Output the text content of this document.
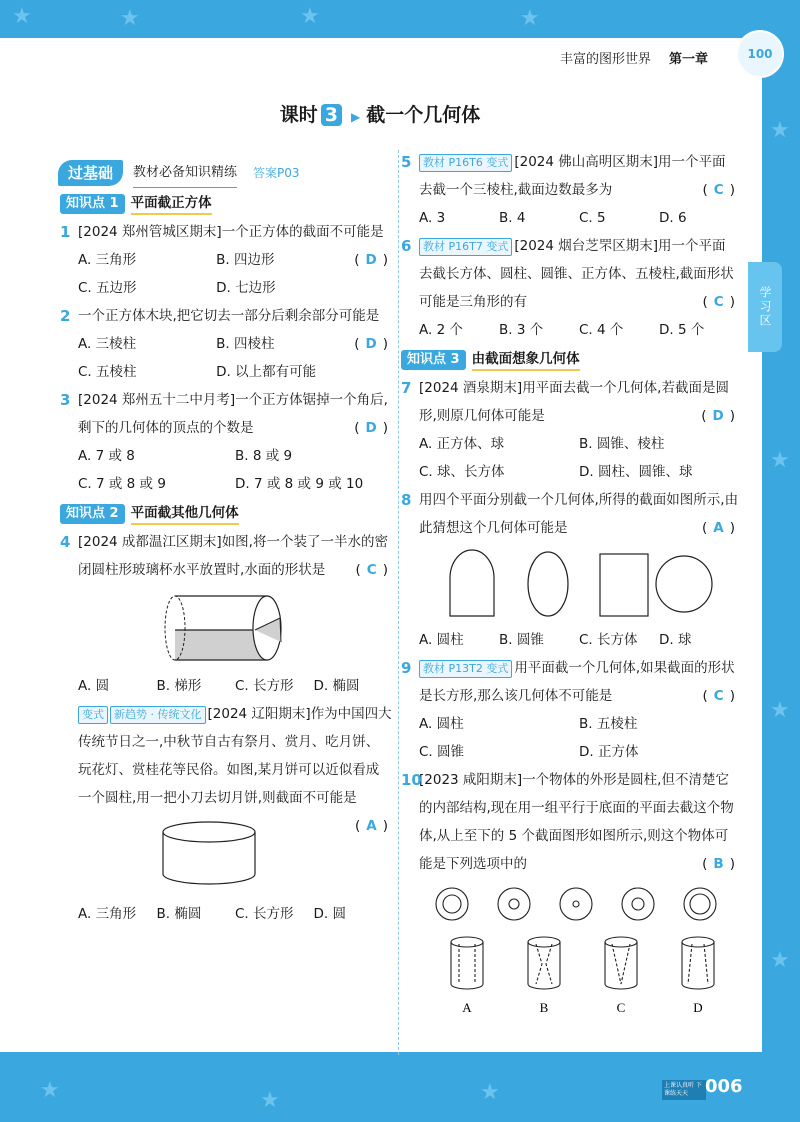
★	★	★	★
★
★
★
★
★	★	★
丰富的图形世界 第一章	100
学习区
课时 3 ▶ 截一个几何体
过基础	教材必备知识精练 答案P03
知识点 1 平面截正方体
1 [2024 郑州管城区期末]一个正方体的截面不可能是
( D )
A. 三角形	B. 四边形
C. 五边形	D. 七边形
2 一个正方体木块,把它切去一部分后剩余部分可能是
( D )
A. 三棱柱	B. 四棱柱
C. 五棱柱	D. 以上都有可能
3 [2024 郑州五十二中月考]一个正方体锯掉一个角后,剩下的几何体的顶点的个数是	( D )
A. 7 或 8	B. 8 或 9
C. 7 或 8 或 9	D. 7 或 8 或 9 或 10
知识点 2 平面截其他几何体
4 [2024 成都温江区期末]如图,将一个装了一半水的密闭圆柱形玻璃杯水平放置时,水面的形状是 ( C )
A. 圆	B. 梯形	C. 长方形	D. 椭圆
变式 新趋势 · 传统文化 [2024 辽阳期末]作为中国四大传统节日之一,中秋节自古有祭月、赏月、吃月饼、玩花灯、赏桂花等民俗。如图,某月饼可以近似看成一个圆柱,用一把小刀去切月饼,则截面不可能是
( A )
A. 三角形	B. 椭圆	C. 长方形	D. 圆
5 教材 P16T6 变式 [2024 佛山高明区期末]用一个平面去截一个三棱柱,截面边数最多为	( C )
A. 3	B. 4	C. 5	D. 6
6 教材 P16T7 变式 [2024 烟台芝罘区期末]用一个平面去截长方体、圆柱、圆锥、正方体、五棱柱,截面形状可能是三角形的有	( C )
A. 2 个	B. 3 个	C. 4 个	D. 5 个
知识点 3 由截面想象几何体
7 [2024 酒泉期末]用平面去截一个几何体,若截面是圆形,则原几何体可能是	( D )
A. 正方体、球	B. 圆锥、棱柱
C. 球、长方体	D. 圆柱、圆锥、球
8 用四个平面分别截一个几何体,所得的截面如图所示,由此猜想这个几何体可能是	( A )
A. 圆柱	B. 圆锥	C. 长方体	D. 球
9 教材 P13T2 变式 用平面截一个几何体,如果截面的形状是长方形,那么该几何体不可能是	( C )
A. 圆柱	B. 五棱柱
C. 圆锥	D. 正方体
10
[2023 咸阳期末]一个物体的外形是圆柱,但不清楚它的内部结构,现在用一组平行于底面的平面去截这个物体,从上至下的 5 个截面图形如图所示,则这个物体可能是下列选项中的	( B )
A	B	C	D
上课认真听 下课练天天 006
